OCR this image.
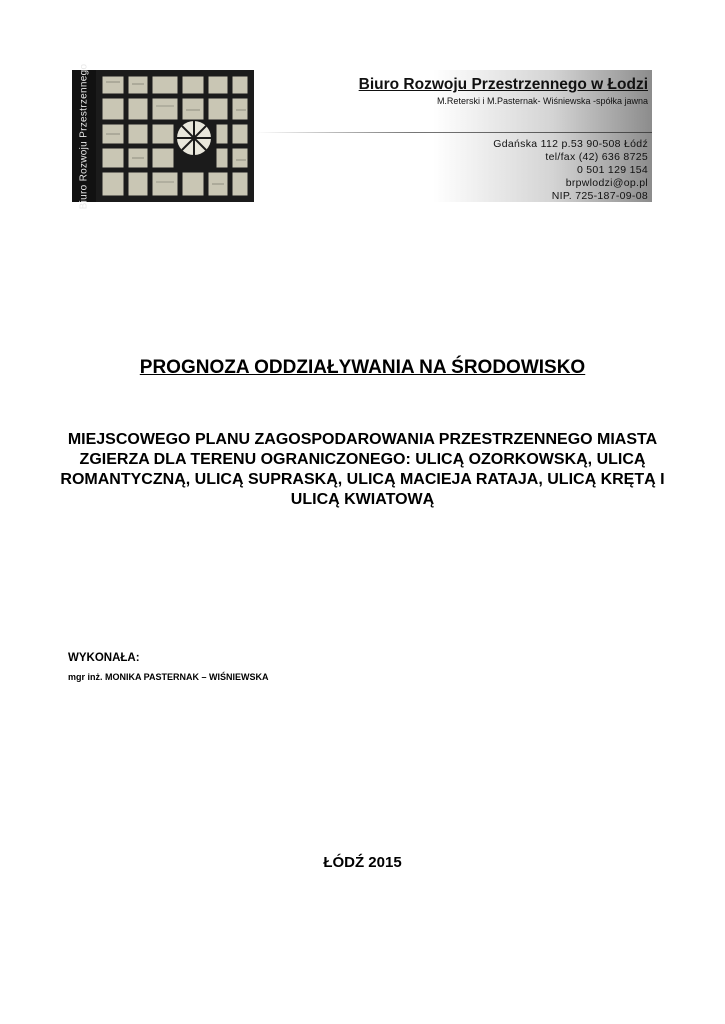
Biuro Rozwoju Przestrzennego	Biuro Rozwoju Przestrzennego w Łodzi
M.Reterski i M.Pasternak- Wiśniewska -spółka jawna
Gdańska 112 p.53 90-508 Łódź
tel/fax (42) 636 8725
0 501 129 154
brpwlodzi@op.pl
NIP. 725-187-09-08
PROGNOZA ODDZIAŁYWANIA NA ŚRODOWISKO
MIEJSCOWEGO PLANU ZAGOSPODAROWANIA PRZESTRZENNEGO MIASTA ZGIERZA DLA TERENU OGRANICZONEGO: ULICĄ OZORKOWSKĄ, ULICĄ ROMANTYCZNĄ, ULICĄ SUPRASKĄ, ULICĄ MACIEJA RATAJA, ULICĄ KRĘTĄ I ULICĄ KWIATOWĄ
WYKONAŁA:
mgr inż. MONIKA PASTERNAK – WIŚNIEWSKA
ŁÓDŹ 2015
